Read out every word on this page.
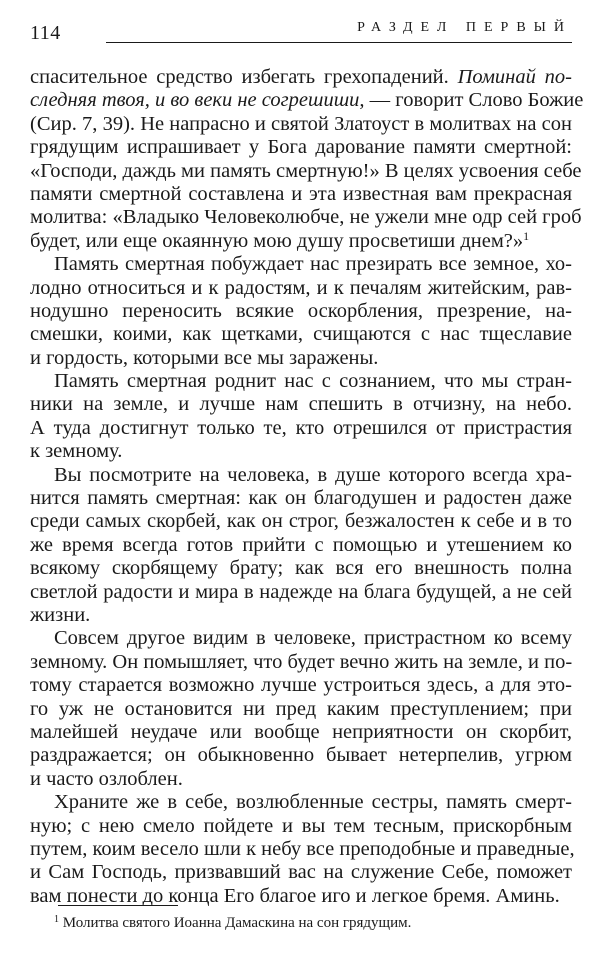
114	РАЗДЕЛ ПЕРВЫЙ
спасительное средство избегать грехопадений. Поминай по-
следняя твоя, и во веки не согрешиши, — говорит Слово Божие
(Сир. 7, 39). Не напрасно и святой Златоуст в молитвах на сон
грядущим испрашивает у Бога дарование памяти смертной:
«Господи, даждь ми память смертную!» В целях усвоения себе
памяти смертной составлена и эта известная вам прекрасная
молитва: «Владыко Человеколюбче, не ужели мне одр сей гроб
будет, или еще окаянную мою душу просветиши днем?»$^1$
Память смертная побуждает нас презирать все земное, хо-
лодно относиться и к радостям, и к печалям житейским, рав-
нодушно переносить всякие оскорбления, презрение, на-
смешки, коими, как щетками, счищаются с нас тщеславие
и гордость, которыми все мы заражены.
Память смертная роднит нас с сознанием, что мы стран-
ники на земле, и лучше нам спешить в отчизну, на небо.
А туда достигнут только те, кто отрешился от пристрастия
к земному.
Вы посмотрите на человека, в душе которого всегда хра-
нится память смертная: как он благодушен и радостен даже
среди самых скорбей, как он строг, безжалостен к себе и в то
же время всегда готов прийти с помощью и утешением ко
всякому скорбящему брату; как вся его внешность полна
светлой радости и мира в надежде на блага будущей, а не сей
жизни.
Совсем другое видим в человеке, пристрастном ко всему
земному. Он помышляет, что будет вечно жить на земле, и по-
тому старается возможно лучше устроиться здесь, а для это-
го уж не остановится ни пред каким преступлением; при
малейшей неудаче или вообще неприятности он скорбит,
раздражается; он обыкновенно бывает нетерпелив, угрюм
и часто озлоблен.
Храните же в себе, возлюбленные сестры, память смерт-
ную; с нею смело пойдете и вы тем тесным, прискорбным
путем, коим весело шли к небу все преподобные и праведные,
и Сам Господь, призвавший вас на служение Себе, поможет
вам понести до конца Его благое иго и легкое бремя. Аминь.
$^1$ Молитва святого Иоанна Дамаскина на сон грядущим.
